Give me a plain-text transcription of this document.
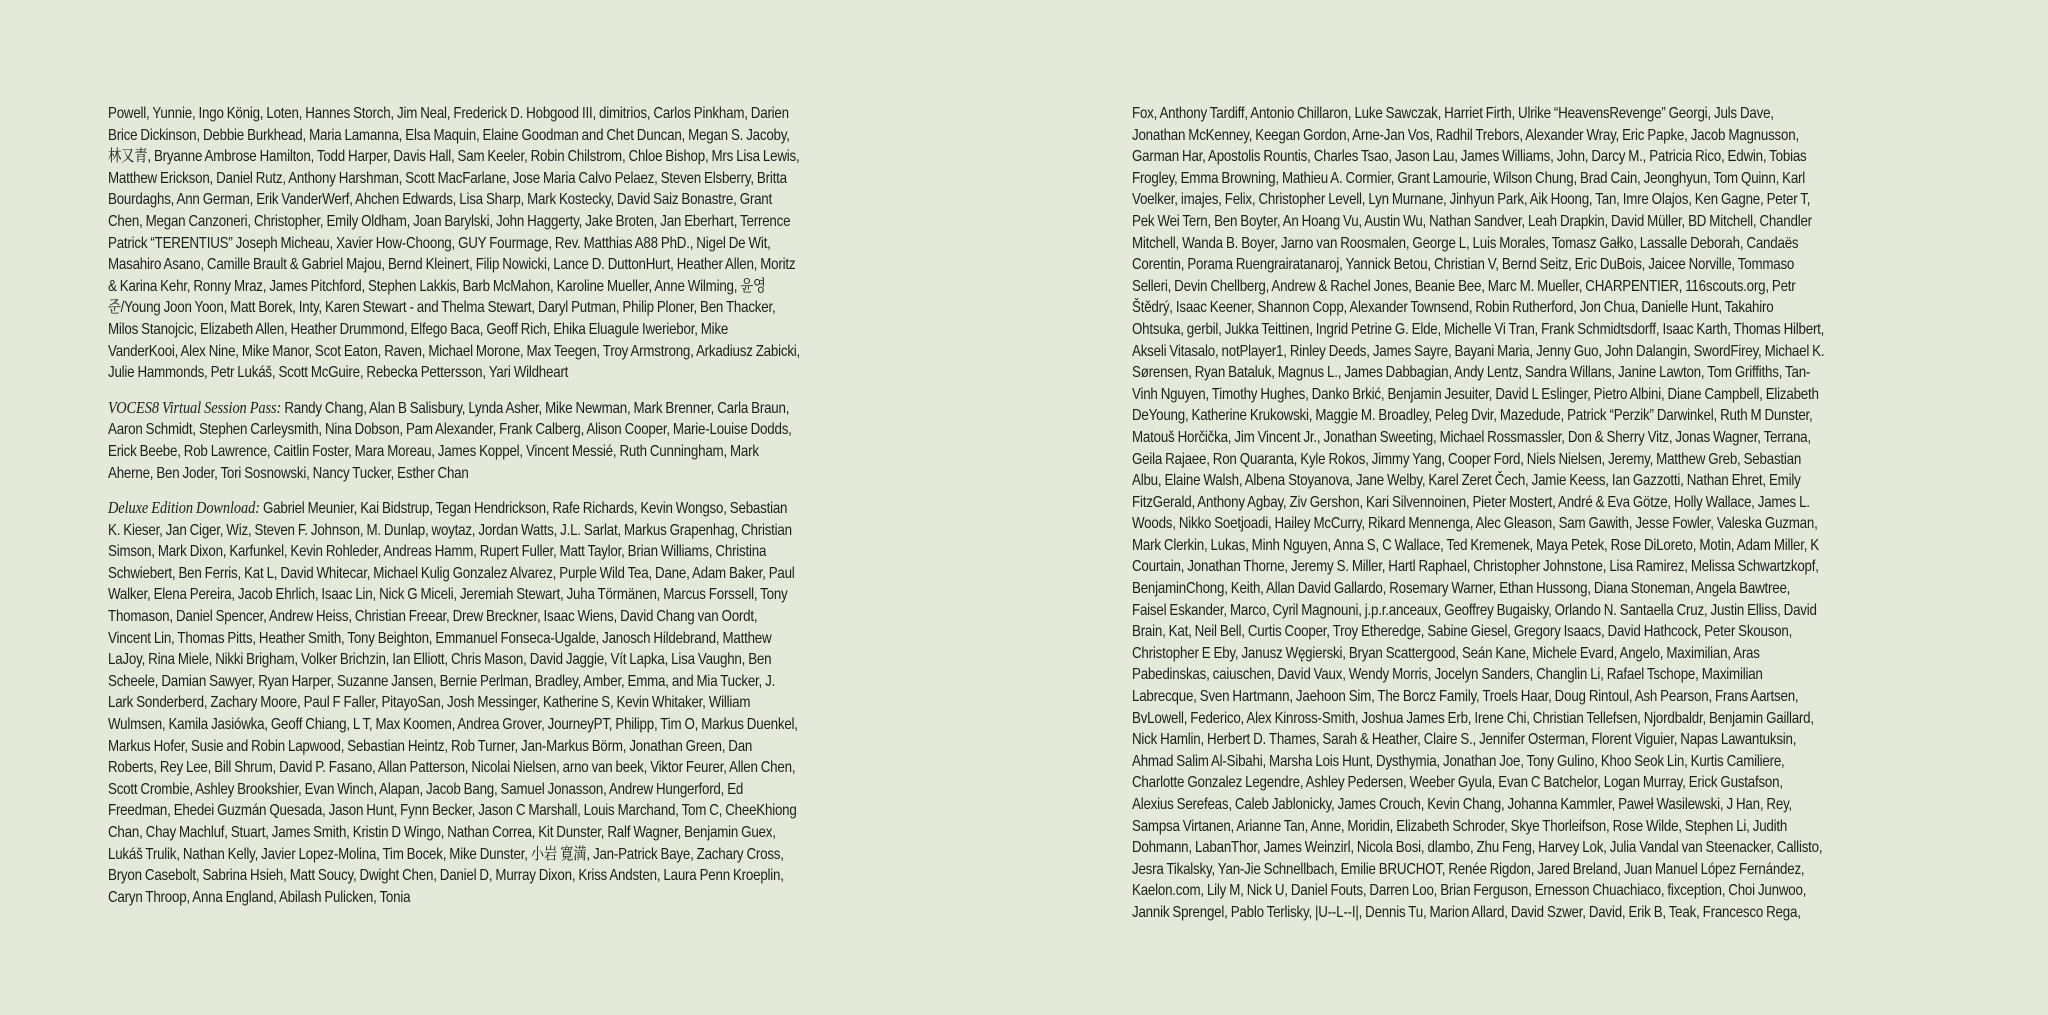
Powell, Yunnie, Ingo König, Loten, Hannes Storch, Jim Neal, Frederick D. Hobgood III, dimitrios, Carlos Pinkham, Darien Brice Dickinson, Debbie Burkhead, Maria Lamanna, Elsa Maquin, Elaine Goodman and Chet Duncan, Megan S. Jacoby, 林又青, Bryanne Ambrose Hamilton, Todd Harper, Davis Hall, Sam Keeler, Robin Chilstrom, Chloe Bishop, Mrs Lisa Lewis, Matthew Erickson, Daniel Rutz, Anthony Harshman, Scott MacFarlane, Jose Maria Calvo Pelaez, Steven Elsberry, Britta Bourdaghs, Ann German, Erik VanderWerf, Ahchen Edwards, Lisa Sharp, Mark Kostecky, David Saiz Bonastre, Grant Chen, Megan Canzoneri, Christopher, Emily Oldham, Joan Barylski, John Haggerty, Jake Broten, Jan Eberhart, Terrence Patrick “TERENTIUS” Joseph Micheau, Xavier How-Choong, GUY Fourmage, Rev. Matthias A88 PhD., Nigel De Wit, Masahiro Asano, Camille Brault & Gabriel Majou, Bernd Kleinert, Filip Nowicki, Lance D. DuttonHurt, Heather Allen, Moritz & Karina Kehr, Ronny Mraz, James Pitchford, Stephen Lakkis, Barb McMahon, Karoline Mueller, Anne Wilming, 윤영준/Young Joon Yoon, Matt Borek, Inty, Karen Stewart - and Thelma Stewart, Daryl Putman, Philip Ploner, Ben Thacker, Milos Stanojcic, Elizabeth Allen, Heather Drummond, Elfego Baca, Geoff Rich, Ehika Eluagule Iweriebor, Mike VanderKooi, Alex Nine, Mike Manor, Scot Eaton, Raven, Michael Morone, Max Teegen, Troy Armstrong, Arkadiusz Zabicki, Julie Hammonds, Petr Lukáš, Scott McGuire, Rebecka Pettersson, Yari Wildheart

VOCES8 Virtual Session Pass: Randy Chang, Alan B Salisbury, Lynda Asher, Mike Newman, Mark Brenner, Carla Braun, Aaron Schmidt, Stephen Carleysmith, Nina Dobson, Pam Alexander, Frank Calberg, Alison Cooper, Marie-Louise Dodds, Erick Beebe, Rob Lawrence, Caitlin Foster, Mara Moreau, James Koppel, Vincent Messié, Ruth Cunningham, Mark Aherne, Ben Joder, Tori Sosnowski, Nancy Tucker, Esther Chan

Deluxe Edition Download: Gabriel Meunier, Kai Bidstrup, Tegan Hendrickson, Rafe Richards, Kevin Wongso, Sebastian K. Kieser, Jan Ciger, Wiz, Steven F. Johnson, M. Dunlap, woytaz, Jordan Watts, J.L. Sarlat, Markus Grapenhag, Christian Simson, Mark Dixon, Karfunkel, Kevin Rohleder, Andreas Hamm, Rupert Fuller, Matt Taylor, Brian Williams, Christina Schwiebert, Ben Ferris, Kat L, David Whitecar, Michael Kulig Gonzalez Alvarez, Purple Wild Tea, Dane, Adam Baker, Paul Walker, Elena Pereira, Jacob Ehrlich, Isaac Lin, Nick G Miceli, Jeremiah Stewart, Juha Törmänen, Marcus Forssell, Tony Thomason, Daniel Spencer, Andrew Heiss, Christian Freear, Drew Breckner, Isaac Wiens, David Chang van Oordt, Vincent Lin, Thomas Pitts, Heather Smith, Tony Beighton, Emmanuel Fonseca-Ugalde, Janosch Hildebrand, Matthew LaJoy, Rina Miele, Nikki Brigham, Volker Brichzin, Ian Elliott, Chris Mason, David Jaggie, Vít Lapka, Lisa Vaughn, Ben Scheele, Damian Sawyer, Ryan Harper, Suzanne Jansen, Bernie Perlman, Bradley, Amber, Emma, and Mia Tucker, J. Lark Sonderberd, Zachary Moore, Paul F Faller, PitayoSan, Josh Messinger, Katherine S, Kevin Whitaker, William Wulmsen, Kamila Jasiówka, Geoff Chiang, L T, Max Koomen, Andrea Grover, JourneyPT, Philipp, Tim O, Markus Duenkel, Markus Hofer, Susie and Robin Lapwood, Sebastian Heintz, Rob Turner, Jan-Markus Börm, Jonathan Green, Dan Roberts, Rey Lee, Bill Shrum, David P. Fasano, Allan Patterson, Nicolai Nielsen, arno van beek, Viktor Feurer, Allen Chen, Scott Crombie, Ashley Brookshier, Evan Winch, Alapan, Jacob Bang, Samuel Jonasson, Andrew Hungerford, Ed Freedman, Ehedei Guzmán Quesada, Jason Hunt, Fynn Becker, Jason C Marshall, Louis Marchand, Tom C, CheeKhiong Chan, Chay Machluf, Stuart, James Smith, Kristin D Wingo, Nathan Correa, Kit Dunster, Ralf Wagner, Benjamin Guex, Lukáš Trulik, Nathan Kelly, Javier Lopez-Molina, Tim Bocek, Mike Dunster, 小岩 寛満, Jan-Patrick Baye, Zachary Cross, Bryon Casebolt, Sabrina Hsieh, Matt Soucy, Dwight Chen, Daniel D, Murray Dixon, Kriss Andsten, Laura Penn Kroeplin, Caryn Throop, Anna England, Abilash Pulicken, Tonia

Fox, Anthony Tardiff, Antonio Chillaron, Luke Sawczak, Harriet Firth, Ulrike “HeavensRevenge” Georgi, Juls Dave, Jonathan McKenney, Keegan Gordon, Arne-Jan Vos, Radhil Trebors, Alexander Wray, Eric Papke, Jacob Magnusson, Garman Har, Apostolis Rountis, Charles Tsao, Jason Lau, James Williams, John, Darcy M., Patricia Rico, Edwin, Tobias Frogley, Emma Browning, Mathieu A. Cormier, Grant Lamourie, Wilson Chung, Brad Cain, Jeonghyun, Tom Quinn, Karl Voelker, imajes, Felix, Christopher Levell, Lyn Murnane, Jinhyun Park, Aik Hoong, Tan, Imre Olajos, Ken Gagne, Peter T, Pek Wei Tern, Ben Boyter, An Hoang Vu, Austin Wu, Nathan Sandver, Leah Drapkin, David Müller, BD Mitchell, Chandler Mitchell, Wanda B. Boyer, Jarno van Roosmalen, George L, Luis Morales, Tomasz Gałko, Lassalle Deborah, Candaës Corentin, Porama Ruengrairatanaroj, Yannick Betou, Christian V, Bernd Seitz, Eric DuBois, Jaicee Norville, Tommaso Selleri, Devin Chellberg, Andrew & Rachel Jones, Beanie Bee, Marc M. Mueller, CHARPENTIER, 116scouts.org, Petr Štědrý, Isaac Keener, Shannon Copp, Alexander Townsend, Robin Rutherford, Jon Chua, Danielle Hunt, Takahiro Ohtsuka, gerbil, Jukka Teittinen, Ingrid Petrine G. Elde, Michelle Vi Tran, Frank Schmidtsdorff, Isaac Karth, Thomas Hilbert, Akseli Vitasalo, notPlayer1, Rinley Deeds, James Sayre, Bayani Maria, Jenny Guo, John Dalangin, SwordFirey, Michael K. Sørensen, Ryan Bataluk, Magnus L., James Dabbagian, Andy Lentz, Sandra Willans, Janine Lawton, Tom Griffiths, Tan-Vinh Nguyen, Timothy Hughes, Danko Brkić, Benjamin Jesuiter, David L Eslinger, Pietro Albini, Diane Campbell, Elizabeth DeYoung, Katherine Krukowski, Maggie M. Broadley, Peleg Dvir, Mazedude, Patrick “Perzik” Darwinkel, Ruth M Dunster, Matouš Horčička, Jim Vincent Jr., Jonathan Sweeting, Michael Rossmassler, Don & Sherry Vitz, Jonas Wagner, Terrana, Geila Rajaee, Ron Quaranta, Kyle Rokos, Jimmy Yang, Cooper Ford, Niels Nielsen, Jeremy, Matthew Greb, Sebastian Albu, Elaine Walsh, Albena Stoyanova, Jane Welby, Karel Zeret Čech, Jamie Keess, Ian Gazzotti, Nathan Ehret, Emily FitzGerald, Anthony Agbay, Ziv Gershon, Kari Silvennoinen, Pieter Mostert, André & Eva Götze, Holly Wallace, James L. Woods, Nikko Soetjoadi, Hailey McCurry, Rikard Mennenga, Alec Gleason, Sam Gawith, Jesse Fowler, Valeska Guzman, Mark Clerkin, Lukas, Minh Nguyen, Anna S, C Wallace, Ted Kremenek, Maya Petek, Rose DiLoreto, Motin, Adam Miller, K Courtain, Jonathan Thorne, Jeremy S. Miller, Hartl Raphael, Christopher Johnstone, Lisa Ramirez, Melissa Schwartzkopf, BenjaminChong, Keith, Allan David Gallardo, Rosemary Warner, Ethan Hussong, Diana Stoneman, Angela Bawtree, Faisel Eskander, Marco, Cyril Magnouni, j.p.r.anceaux, Geoffrey Bugaisky, Orlando N. Santaella Cruz, Justin Elliss, David Brain, Kat, Neil Bell, Curtis Cooper, Troy Etheredge, Sabine Giesel, Gregory Isaacs, David Hathcock, Peter Skouson, Christopher E Eby, Janusz Węgierski, Bryan Scattergood, Seán Kane, Michele Evard, Angelo, Maximilian, Aras Pabedinskas, caiuschen, David Vaux, Wendy Morris, Jocelyn Sanders, Changlin Li, Rafael Tschope, Maximilian Labrecque, Sven Hartmann, Jaehoon Sim, The Borcz Family, Troels Haar, Doug Rintoul, Ash Pearson, Frans Aartsen, BvLowell, Federico, Alex Kinross-Smith, Joshua James Erb, Irene Chi, Christian Tellefsen, Njordbaldr, Benjamin Gaillard, Nick Hamlin, Herbert D. Thames, Sarah & Heather, Claire S., Jennifer Osterman, Florent Viguier, Napas Lawantuksin, Ahmad Salim Al-Sibahi, Marsha Lois Hunt, Dysthymia, Jonathan Joe, Tony Gulino, Khoo Seok Lin, Kurtis Camiliere, Charlotte Gonzalez Legendre, Ashley Pedersen, Weeber Gyula, Evan C Batchelor, Logan Murray, Erick Gustafson, Alexius Serefeas, Caleb Jablonicky, James Crouch, Kevin Chang, Johanna Kammler, Paweł Wasilewski, J Han, Rey, Sampsa Virtanen, Arianne Tan, Anne, Moridin, Elizabeth Schroder, Skye Thorleifson, Rose Wilde, Stephen Li, Judith Dohmann, LabanThor, James Weinzirl, Nicola Bosi, dlambo, Zhu Feng, Harvey Lok, Julia Vandal van Steenacker, Callisto, Jesra Tikalsky, Yan-Jie Schnellbach, Emilie BRUCHOT, Renée Rigdon, Jared Breland, Juan Manuel López Fernández, Kaelon.com, Lily M, Nick U, Daniel Fouts, Darren Loo, Brian Ferguson, Ernesson Chuachiaco, fixception, Choi Junwoo, Jannik Sprengel, Pablo Terlisky, |U--L--I|, Dennis Tu, Marion Allard, David Szwer, David, Erik B, Teak, Francesco Rega,
